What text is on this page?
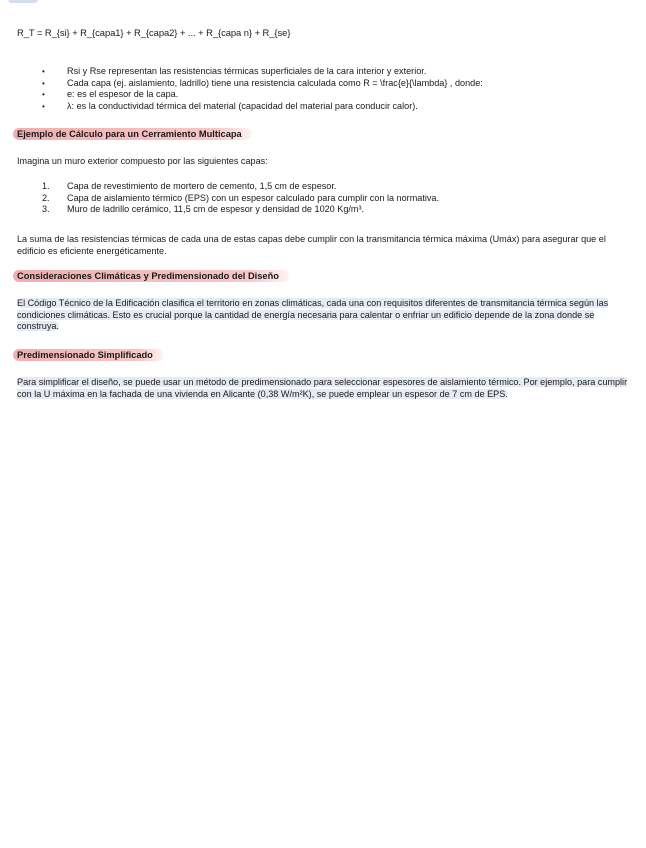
R_T = R_{si} + R_{capa1} + R_{capa2} + ... + R_{capa n} + R_{se}
• Rsi y Rse representan las resistencias térmicas superficiales de la cara interior y exterior.
• Cada capa (ej. aislamiento, ladrillo) tiene una resistencia calculada como R = \frac{e}{\lambda} , donde:
• e: es el espesor de la capa.
• λ: es la conductividad térmica del material (capacidad del material para conducir calor).
Ejemplo de Cálculo para un Cerramiento Multicapa
Imagina un muro exterior compuesto por las siguientes capas:
1. Capa de revestimiento de mortero de cemento, 1,5 cm de espesor.
2. Capa de aislamiento térmico (EPS) con un espesor calculado para cumplir con la normativa.
3. Muro de ladrillo cerámico, 11,5 cm de espesor y densidad de 1020 Kg/m³.
La suma de las resistencias térmicas de cada una de estas capas debe cumplir con la transmitancia térmica máxima (Umáx) para asegurar que el edificio es eficiente energéticamente.
Consideraciones Climáticas y Predimensionado del Diseño
El Código Técnico de la Edificación clasifica el territorio en zonas climáticas, cada una con requisitos diferentes de transmitancia térmica según las condiciones climáticas. Esto es crucial porque la cantidad de energía necesaria para calentar o enfriar un edificio depende de la zona donde se construya.
Predimensionado Simplificado
Para simplificar el diseño, se puede usar un método de predimensionado para seleccionar espesores de aislamiento térmico. Por ejemplo, para cumplir con la U máxima en la fachada de una vivienda en Alicante (0,38 W/m²K), se puede emplear un espesor de 7 cm de EPS.
